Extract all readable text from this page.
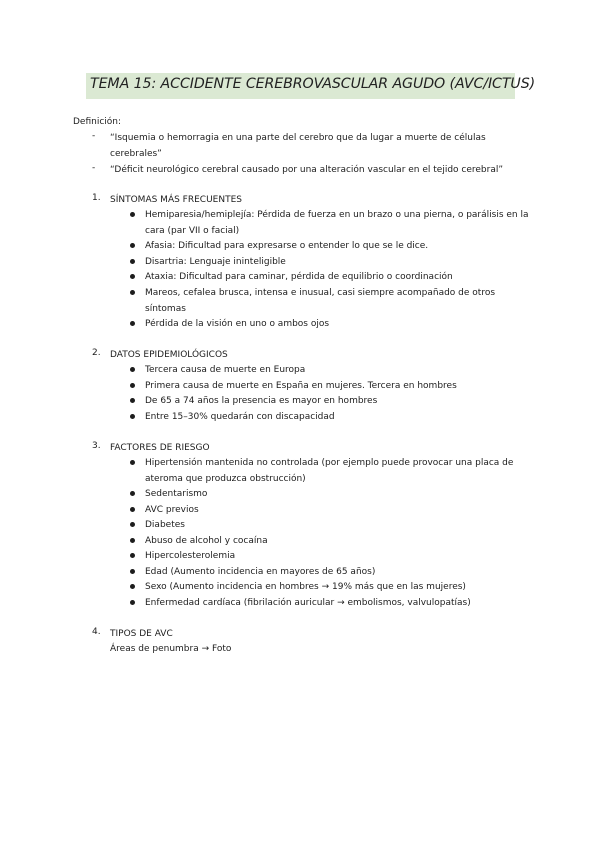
TEMA 15: ACCIDENTE CEREBROVASCULAR AGUDO (AVC/ICTUS)
Definición:
- “Isquemia o hemorragia en una parte del cerebro que da lugar a muerte de células
cerebrales”
- “Déficit neurológico cerebral causado por una alteración vascular en el tejido cerebral”
1. SÍNTOMAS MÁS FRECUENTES
Hemiparesia/hemiplejía: Pérdida de fuerza en un brazo o una pierna, o parálisis en la
cara (par VII o facial)
Afasia: Dificultad para expresarse o entender lo que se le dice.
Disartria: Lenguaje ininteligible
Ataxia: Dificultad para caminar, pérdida de equilibrio o coordinación
Mareos, cefalea brusca, intensa e inusual, casi siempre acompañado de otros
síntomas
Pérdida de la visión en uno o ambos ojos
2. DATOS EPIDEMIOLÓGICOS
Tercera causa de muerte en Europa
Primera causa de muerte en España en mujeres. Tercera en hombres
De 65 a 74 años la presencia es mayor en hombres
Entre 15–30% quedarán con discapacidad
3. FACTORES DE RIESGO
Hipertensión mantenida no controlada (por ejemplo puede provocar una placa de
ateroma que produzca obstrucción)
Sedentarismo
AVC previos
Diabetes
Abuso de alcohol y cocaína
Hipercolesterolemia
Edad (Aumento incidencia en mayores de 65 años)
Sexo (Aumento incidencia en hombres → 19% más que en las mujeres)
Enfermedad cardíaca (fibrilación auricular → embolismos, valvulopatías)
4. TIPOS DE AVC
Áreas de penumbra → Foto
